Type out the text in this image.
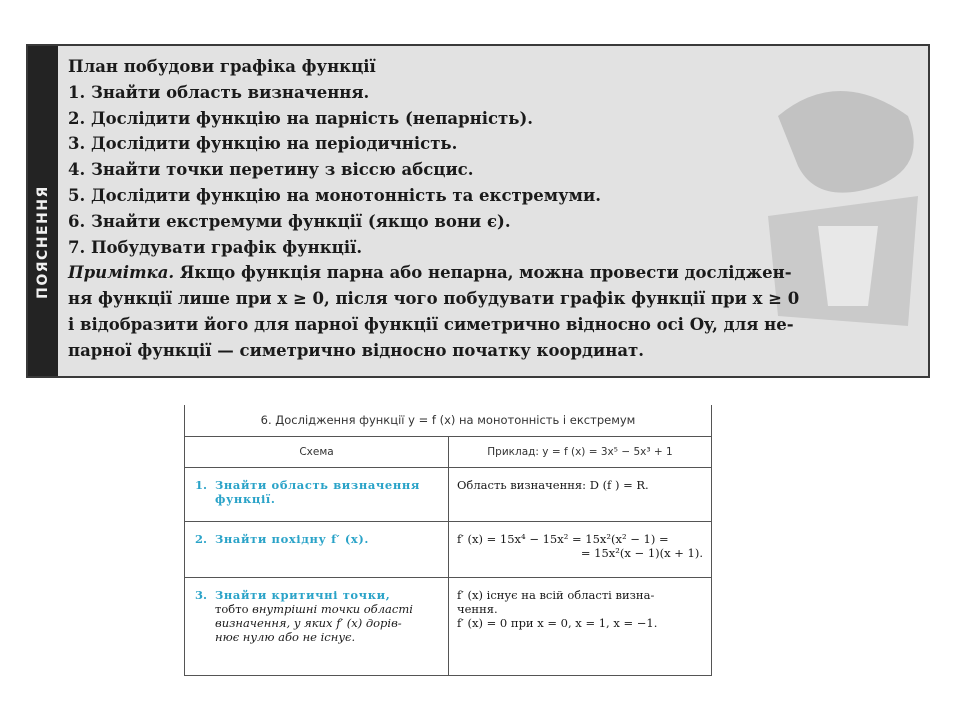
ПОЯСНЕННЯ
План побудови графіка функції
1. Знайти область визначення.
2. Дослідити функцію на парність (непарність).
3. Дослідити функцію на періодичність.
4. Знайти точки перетину з віссю абсцис.
5. Дослідити функцію на монотонність та екстремуми.
6. Знайти екстремуми функції (якщо вони є).
7. Побудувати графік функції.
Примітка. Якщо функція парна або непарна, можна провести досліджен-
ня функції лише при x ≥ 0, після чого побудувати графік функції при x ≥ 0
і відобразити його для парної функції симетрично відносно осі Oy, для не-
парної функції — симетрично відносно початку координат.
6. Дослідження функції y = f (x) на монотонність і екстремум	
Схема	Приклад: y = f (x) = 3x⁵ − 5x³ + 1
1. Знайти область визначення
функції.	Область визначення: D (f ) = R.
2. Знайти похідну f′ (x).	f′ (x) = 15x⁴ − 15x² = 15x²(x² − 1) =
= 15x²(x − 1)(x + 1).

3. Знайти критичні точки,
тобто внутрішні точки області
визначення, у яких f′ (x) дорів-
нює нулю або не існує.	f′ (x) існує на всій області визна-
чення.
f′ (x) = 0 при x = 0, x = 1, x = −1.
